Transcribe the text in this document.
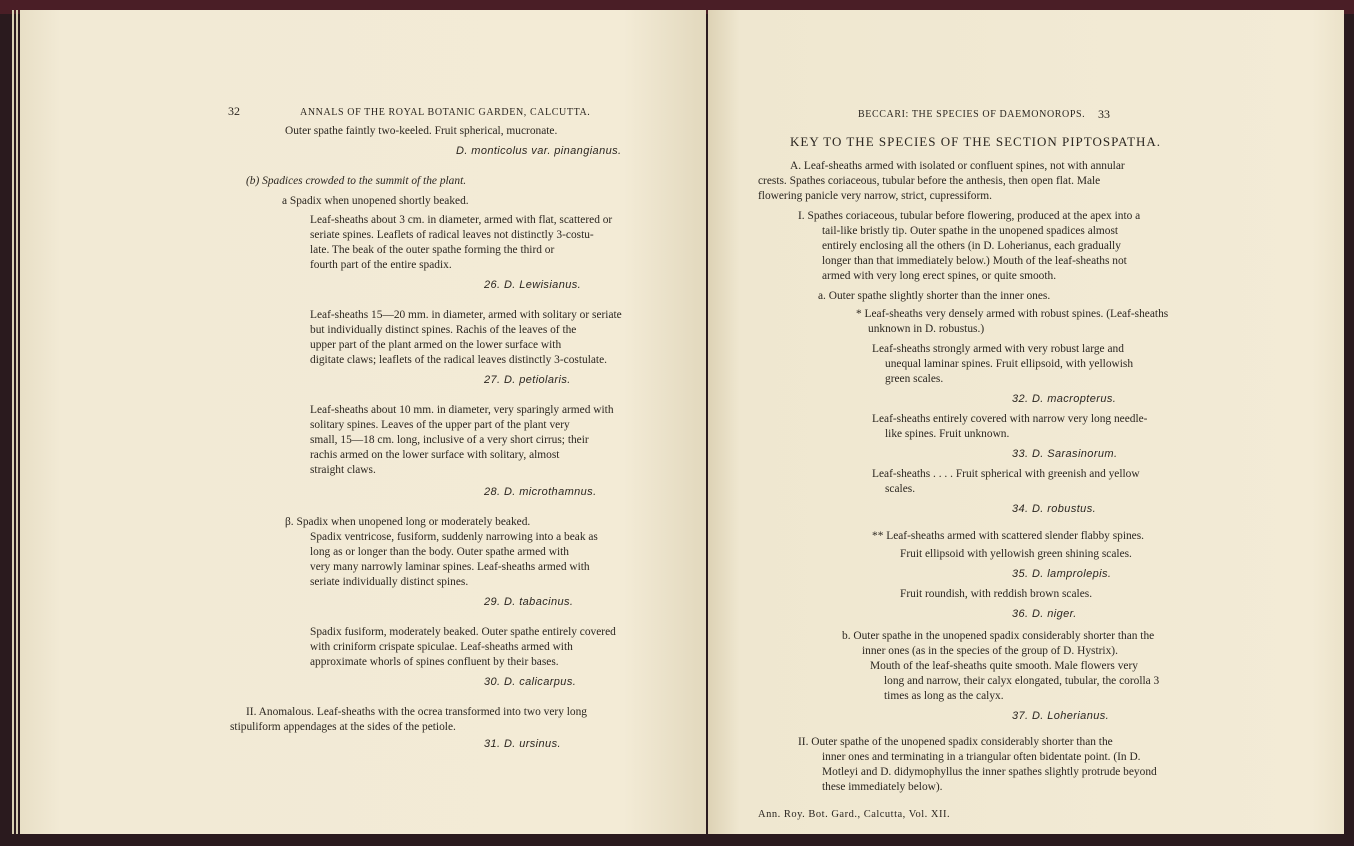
32	ANNALS OF THE ROYAL BOTANIC GARDEN, CALCUTTA.
Outer spathe faintly two-keeled. Fruit spherical, mucronate.
D. monticolus var. pinangianus.
(b) Spadices crowded to the summit of the plant.
a Spadix when unopened shortly beaked.
Leaf-sheaths about 3 cm. in diameter, armed with flat, scattered or
seriate spines. Leaflets of radical leaves not distinctly 3-costu-
late. The beak of the outer spathe forming the third or
fourth part of the entire spadix.
26. D. Lewisianus.
Leaf-sheaths 15—20 mm. in diameter, armed with solitary or seriate
but individually distinct spines. Rachis of the leaves of the
upper part of the plant armed on the lower surface with
digitate claws; leaflets of the radical leaves distinctly 3-costulate.
27. D. petiolaris.
Leaf-sheaths about 10 mm. in diameter, very sparingly armed with
solitary spines. Leaves of the upper part of the plant very
small, 15—18 cm. long, inclusive of a very short cirrus; their
rachis armed on the lower surface with solitary, almost
straight claws.
28. D. microthamnus.
β. Spadix when unopened long or moderately beaked.
Spadix ventricose, fusiform, suddenly narrowing into a beak as
long as or longer than the body. Outer spathe armed with
very many narrowly laminar spines. Leaf-sheaths armed with
seriate individually distinct spines.
29. D. tabacinus.
Spadix fusiform, moderately beaked. Outer spathe entirely covered
with criniform crispate spiculae. Leaf-sheaths armed with
approximate whorls of spines confluent by their bases.
30. D. calicarpus.
II. Anomalous. Leaf-sheaths with the ocrea transformed into two very long
stipuliform appendages at the sides of the petiole.
31. D. ursinus.
BECCARI: THE SPECIES OF DAEMONOROPS. 33
KEY TO THE SPECIES OF THE SECTION PIPTOSPATHA.
A. Leaf-sheaths armed with isolated or confluent spines, not with annular
crests. Spathes coriaceous, tubular before the anthesis, then open flat. Male
flowering panicle very narrow, strict, cupressiform.
I. Spathes coriaceous, tubular before flowering, produced at the apex into a
tail-like bristly tip. Outer spathe in the unopened spadices almost
entirely enclosing all the others (in D. Loherianus, each gradually
longer than that immediately below.) Mouth of the leaf-sheaths not
armed with very long erect spines, or quite smooth.
a. Outer spathe slightly shorter than the inner ones.
* Leaf-sheaths very densely armed with robust spines. (Leaf-sheaths
unknown in D. robustus.)
Leaf-sheaths strongly armed with very robust large and
unequal laminar spines. Fruit ellipsoid, with yellowish
green scales.
32. D. macropterus.
Leaf-sheaths entirely covered with narrow very long needle-
like spines. Fruit unknown.
33. D. Sarasinorum.
Leaf-sheaths . . . . Fruit spherical with greenish and yellow
scales.
34. D. robustus.
** Leaf-sheaths armed with scattered slender flabby spines.
Fruit ellipsoid with yellowish green shining scales.
35. D. lamprolepis.
Fruit roundish, with reddish brown scales.
36. D. niger.
b. Outer spathe in the unopened spadix considerably shorter than the
inner ones (as in the species of the group of D. Hystrix).
Mouth of the leaf-sheaths quite smooth. Male flowers very
long and narrow, their calyx elongated, tubular, the corolla 3
times as long as the calyx.
37. D. Loherianus.
II. Outer spathe of the unopened spadix considerably shorter than the
inner ones and terminating in a triangular often bidentate point. (In D.
Motleyi and D. didymophyllus the inner spathes slightly protrude beyond
these immediately below).
Ann. Roy. Bot. Gard., Calcutta, Vol. XII.
